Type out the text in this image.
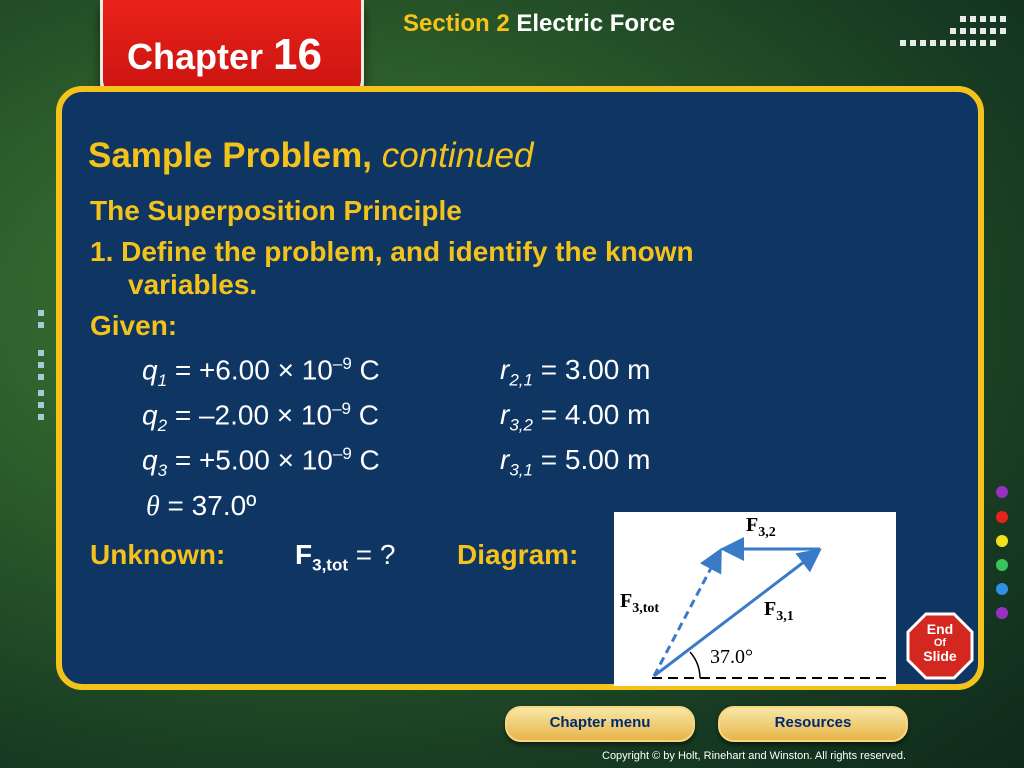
Chapter 16
Section 2 Electric Force
Sample Problem, continued
The Superposition Principle
1. Define the problem, and identify the known
variables.
Given:
$q_1 = +6.00 \times 10^{-9}$ C	$r_{2,1} = 3.00$ m
$q_2 = -2.00 \times 10^{-9}$ C	$r_{3,2} = 4.00$ m
$q_3 = +5.00 \times 10^{-9}$ C	$r_{3,1} = 5.00$ m
θ = 37.0º
Unknown: $F_{3,tot}$ = ? Diagram:
$F_{3,2}$
$F_{3,1}$
$F_{3,tot}$
37.0°
End
Of
Slide
Chapter menu	Resources
Copyright © by Holt, Rinehart and Winston. All rights reserved.
